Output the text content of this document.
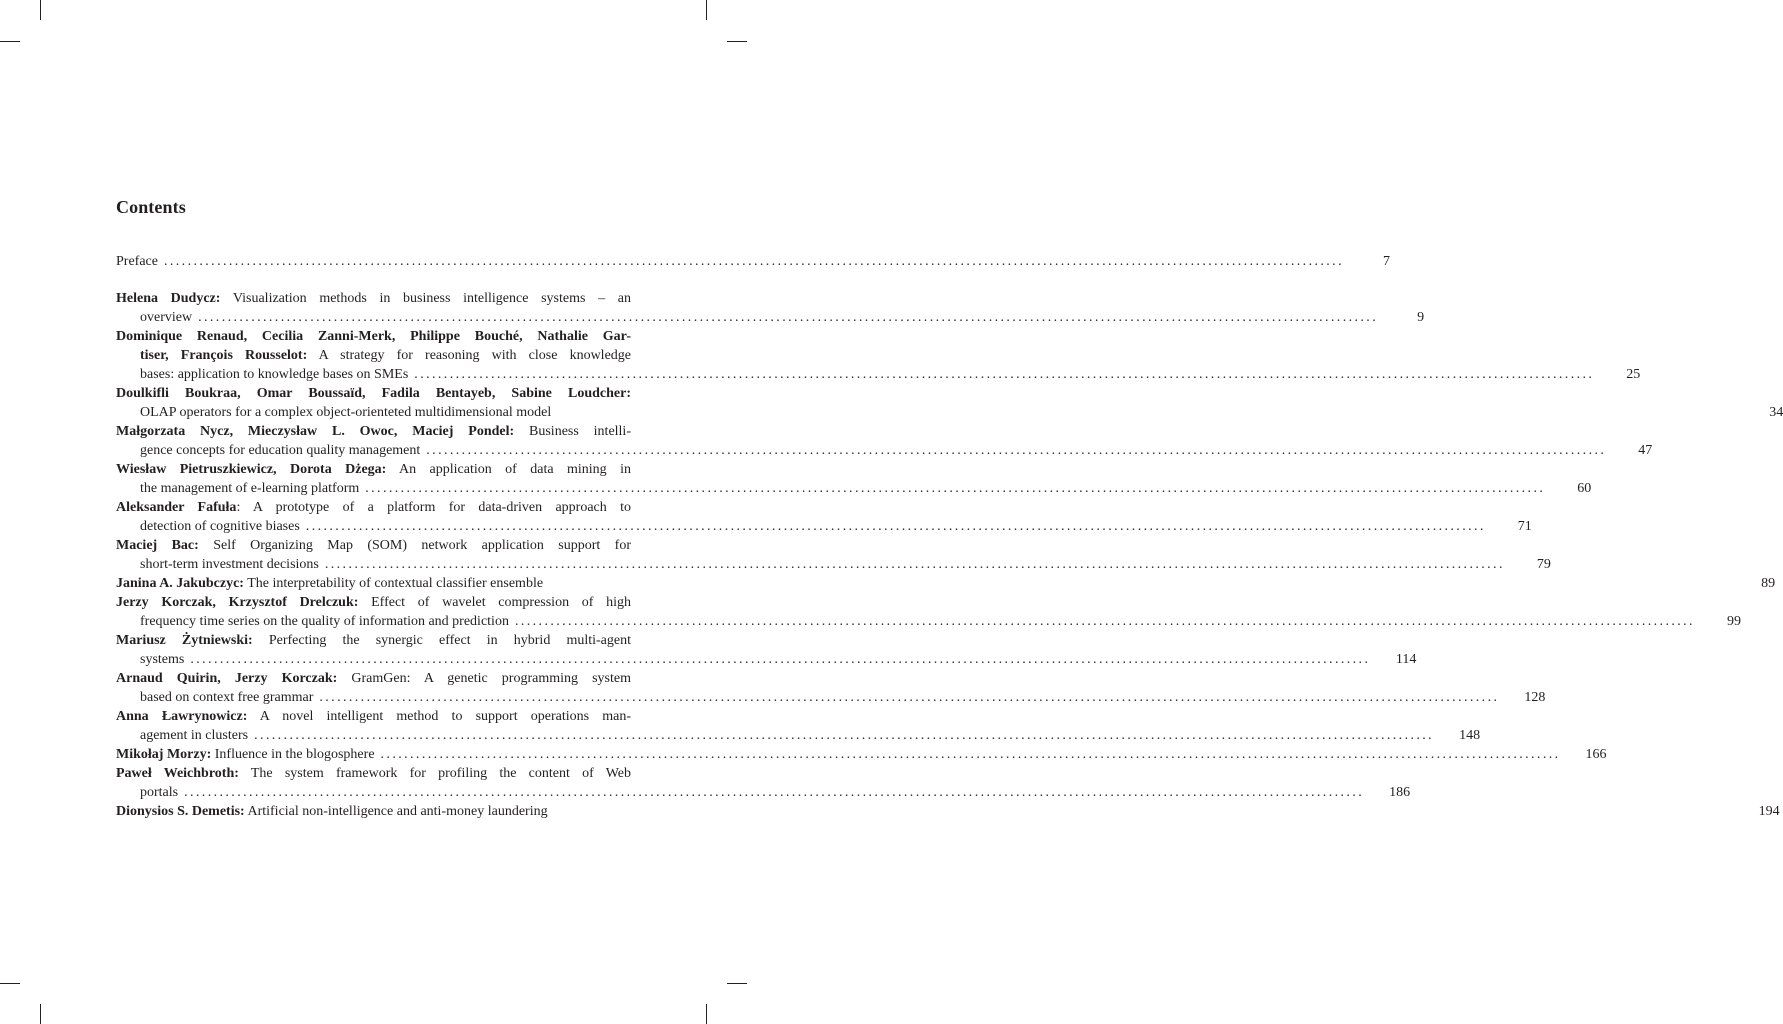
Contents
Preface ........................................................................................................................................................................................................	7
Helena Dudycz: Visualization methods in business intelligence systems – an
overview ........................................................................................................................................................................................................	9
Dominique Renaud, Cecilia Zanni-Merk, Philippe Bouché, Nathalie Gar-
tiser, François Rousselot: A strategy for reasoning with close knowledge
bases: application to knowledge bases on SMEs ........................................................................................................................................................................................................	25
Doulkifli Boukraa, Omar Boussaïd, Fadila Bentayeb, Sabine Loudcher:
OLAP operators for a complex object-orienteted multidimensional model	34
Małgorzata Nycz, Mieczysław L. Owoc, Maciej Pondel: Business intelli-
gence concepts for education quality management ........................................................................................................................................................................................................	47
Wiesław Pietruszkiewicz, Dorota Dżega: An application of data mining in
the management of e-learning platform ........................................................................................................................................................................................................	60
Aleksander Fafuła: A prototype of a platform for data-driven approach to
detection of cognitive biases ........................................................................................................................................................................................................	71
Maciej Bac: Self Organizing Map (SOM) network application support for
short-term investment decisions ........................................................................................................................................................................................................	79
Janina A. Jakubczyc: The interpretability of contextual classifier ensemble	89
Jerzy Korczak, Krzysztof Drelczuk: Effect of wavelet compression of high
frequency time series on the quality of information and prediction ........................................................................................................................................................................................................	99
Mariusz Żytniewski: Perfecting the synergic effect in hybrid multi-agent
systems ........................................................................................................................................................................................................	114
Arnaud Quirin, Jerzy Korczak: GramGen: A genetic programming system
based on context free grammar ........................................................................................................................................................................................................	128
Anna Ławrynowicz: A novel intelligent method to support operations man-
agement in clusters ........................................................................................................................................................................................................	148
Mikołaj Morzy: Influence in the blogosphere ........................................................................................................................................................................................................	166
Paweł Weichbroth: The system framework for profiling the content of Web
portals ........................................................................................................................................................................................................	186
Dionysios S. Demetis: Artificial non-intelligence and anti-money laundering	194
